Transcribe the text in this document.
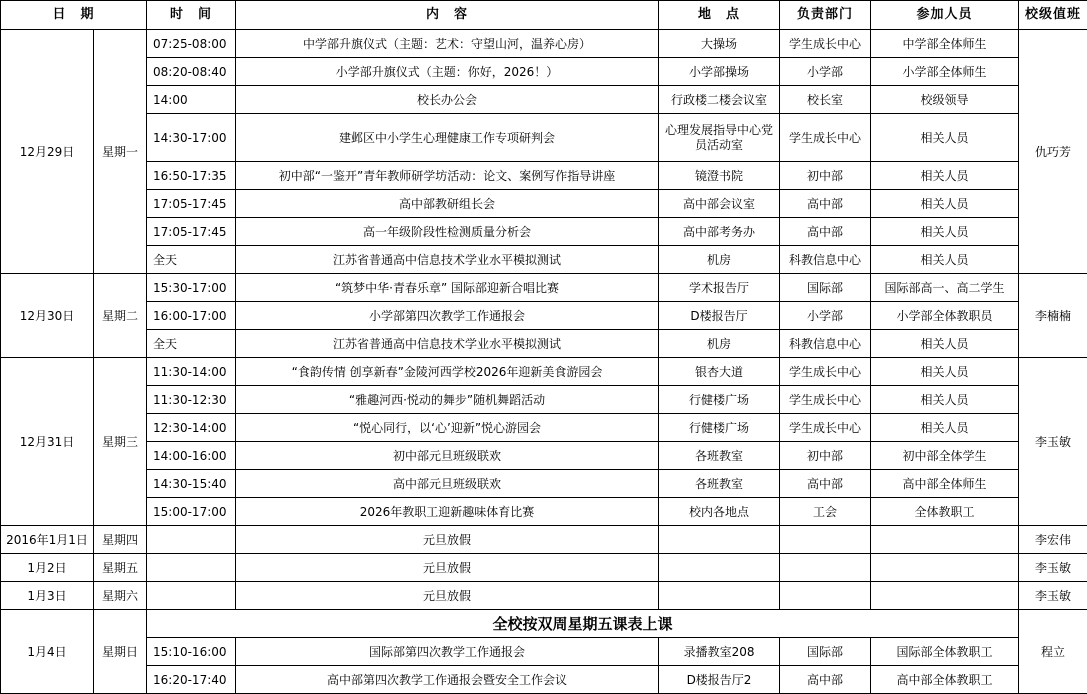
日　期		时　间	内　容	地　点	负责部门	参加人员	校级值班
12月29日	星期一	07:25-08:00	中学部升旗仪式（主题：艺术：守望山河，温养心房）	大操场	学生成长中心	中学部全体师生	仇巧芳
		08:20-08:40	小学部升旗仪式（主题：你好，2026！）	小学部操场	小学部	小学部全体师生	
		14:00	校长办公会	行政楼二楼会议室	校长室	校级领导	
		14:30-17:00	建邺区中小学生心理健康工作专项研判会	心理发展指导中心党员活动室	学生成长中心	相关人员	
		16:50-17:35	初中部“一鉴开”青年教师研学坊活动：论文、案例写作指导讲座	镜澄书院	初中部	相关人员	
		17:05-17:45	高中部教研组长会	高中部会议室	高中部	相关人员	
		17:05-17:45	高一年级阶段性检测质量分析会	高中部考务办	高中部	相关人员	
		全天	江苏省普通高中信息技术学业水平模拟测试	机房	科教信息中心	相关人员	
12月30日	星期二	15:30-17:00	“筑梦中华·青春乐章” 国际部迎新合唱比赛	学术报告厅	国际部	国际部高一、高二学生	李楠楠
		16:00-17:00	小学部第四次教学工作通报会	D楼报告厅	小学部	小学部全体教职员	
		全天	江苏省普通高中信息技术学业水平模拟测试	机房	科教信息中心	相关人员	
12月31日	星期三	11:30-14:00	“食韵传情 创享新春”金陵河西学校2026年迎新美食游园会	银杏大道	学生成长中心	相关人员	李玉敏
		11:30-12:30	“雅趣河西·悦动的舞步”随机舞蹈活动	行健楼广场	学生成长中心	相关人员	
		12:30-14:00	“悦心同行，以‘心’迎新”悦心游园会	行健楼广场	学生成长中心	相关人员	
		14:00-16:00	初中部元旦班级联欢	各班教室	初中部	初中部全体学生	
		14:30-15:40	高中部元旦班级联欢	各班教室	高中部	高中部全体师生	
		15:00-17:00	2026年教职工迎新趣味体育比赛	校内各地点	工会	全体教职工	
2016年1月1日	星期四		元旦放假				李宏伟
1月2日	星期五		元旦放假				李玉敏
1月3日	星期六		元旦放假				李玉敏
1月4日	星期日	全校按双周星期五课表上课					程立
		15:10-16:00	国际部第四次教学工作通报会	录播教室208	国际部	国际部全体教职工	
		16:20-17:40	高中部第四次教学工作通报会暨安全工作会议	D楼报告厅2	高中部	高中部全体教职工	
